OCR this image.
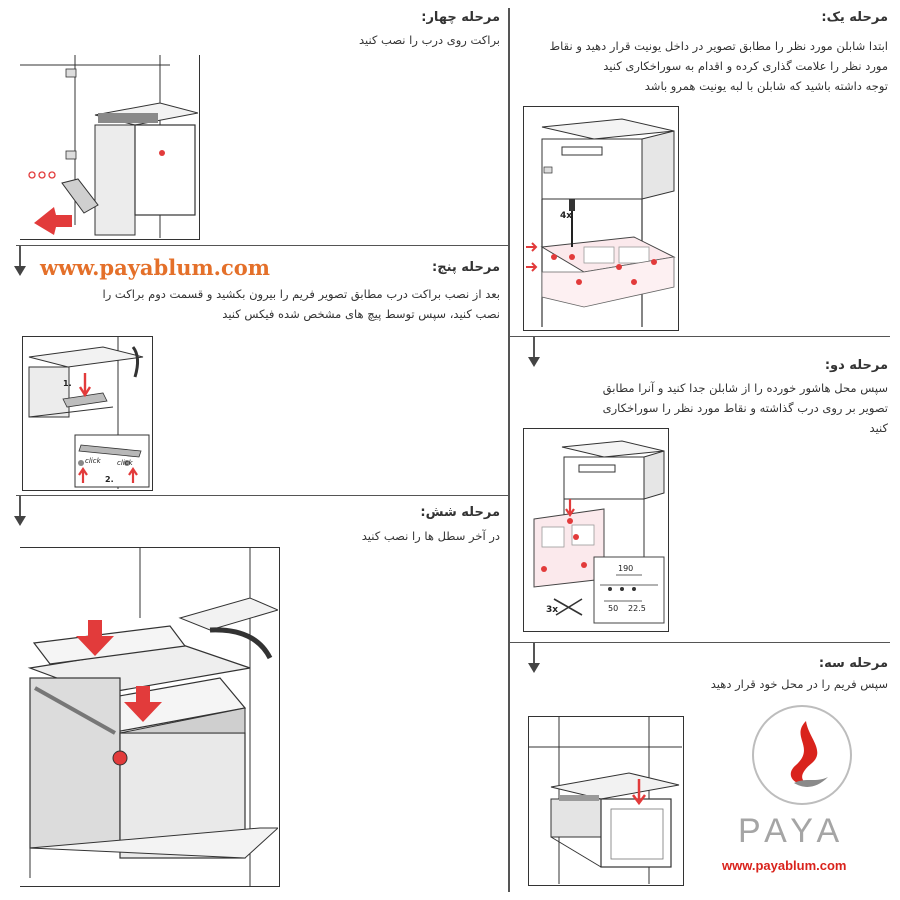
مرحله یک:
ابتدا شابلن مورد نظر را مطابق تصویر در داخل یونیت قرار دهید و نقاط
مورد نظر را علامت گذاری کرده و اقدام به سوراخکاری کنید
توجه داشته باشید که شابلن با لبه یونیت همرو باشد
4x
مرحله دو:
سپس محل هاشور خورده را از شابلن جدا کنید و آنرا مطابق
تصویر بر روی درب گذاشته و نقاط مورد نظر را سوراخکاری
کنید
190
50 22.5
3x
مرحله سه:
سپس فریم را در محل خود قرار دهید
مرحله چهار:
براکت روی درب را نصب کنید
www.payablum.com	مرحله پنج:
بعد از نصب براکت درب مطابق تصویر فریم را بیرون بکشید و قسمت دوم براکت را
نصب کنید، سپس توسط پیچ های مشخص شده فیکس کنید
1.
2.
click click
مرحله شش:
در آخر سطل ها را نصب کنید
PAYA
www.payablum.com
